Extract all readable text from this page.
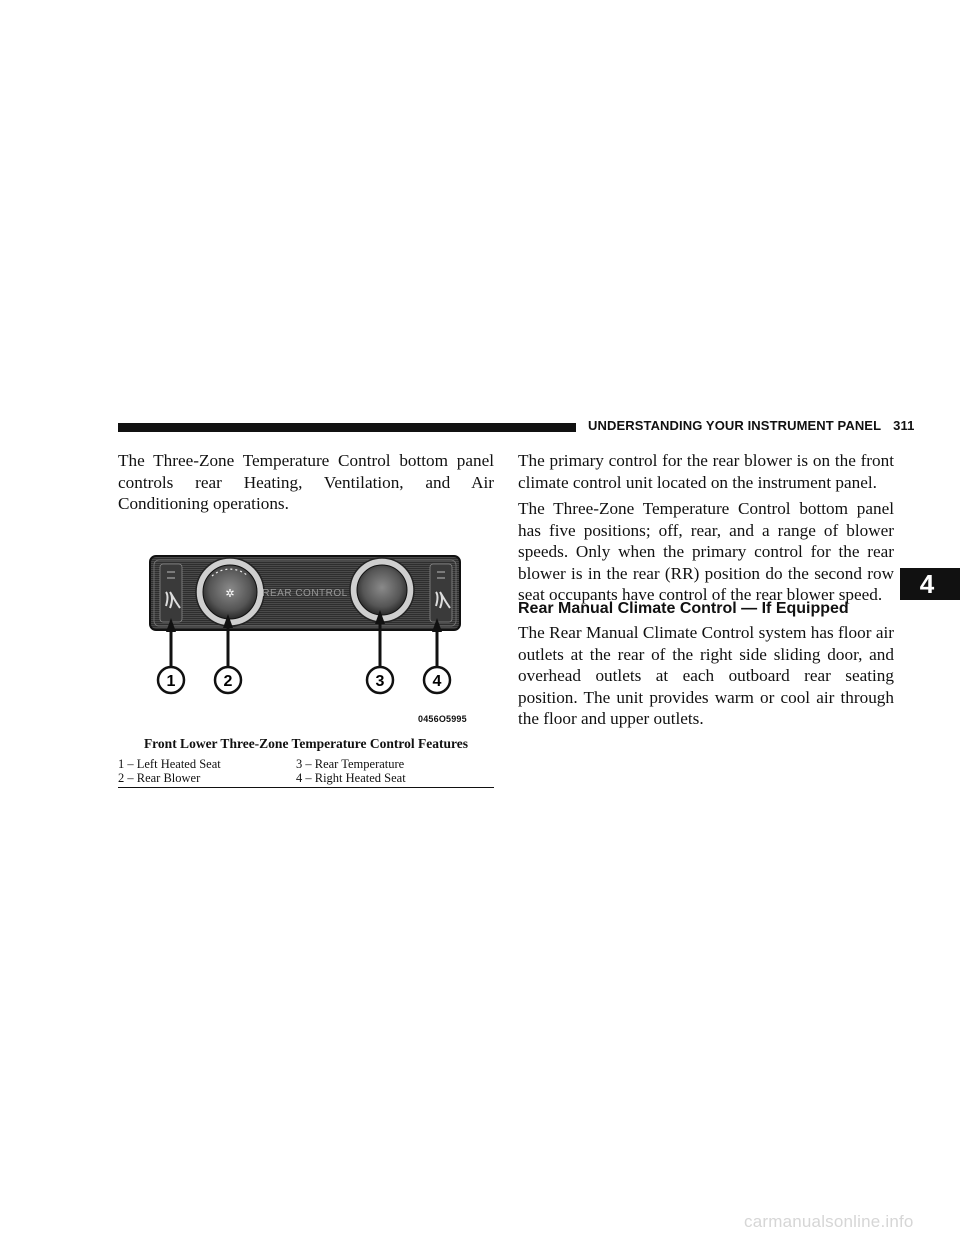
UNDERSTANDING YOUR INSTRUMENT PANEL 311
4

The Three-Zone Temperature Control bottom panel controls rear Heating, Ventilation, and Air Conditioning operations.

✲	REAR CONTROL
1	2	3	4
0456O5995
Front Lower Three-Zone Temperature Control Features
1 – Left Heated Seat
2 – Rear Blower
3 – Rear Temperature
4 – Right Heated Seat

The primary control for the rear blower is on the front climate control unit located on the instrument panel.

The Three-Zone Temperature Control bottom panel has five positions; off, rear, and a range of blower speeds. Only when the primary control for the rear blower is in the rear (RR) position do the second row seat occupants have control of the rear blower speed.

Rear Manual Climate Control — If Equipped

The Rear Manual Climate Control system has floor air outlets at the rear of the right side sliding door, and overhead outlets at each outboard rear seating position. The unit provides warm or cool air through the floor and upper outlets.

carmanualsonline.info
